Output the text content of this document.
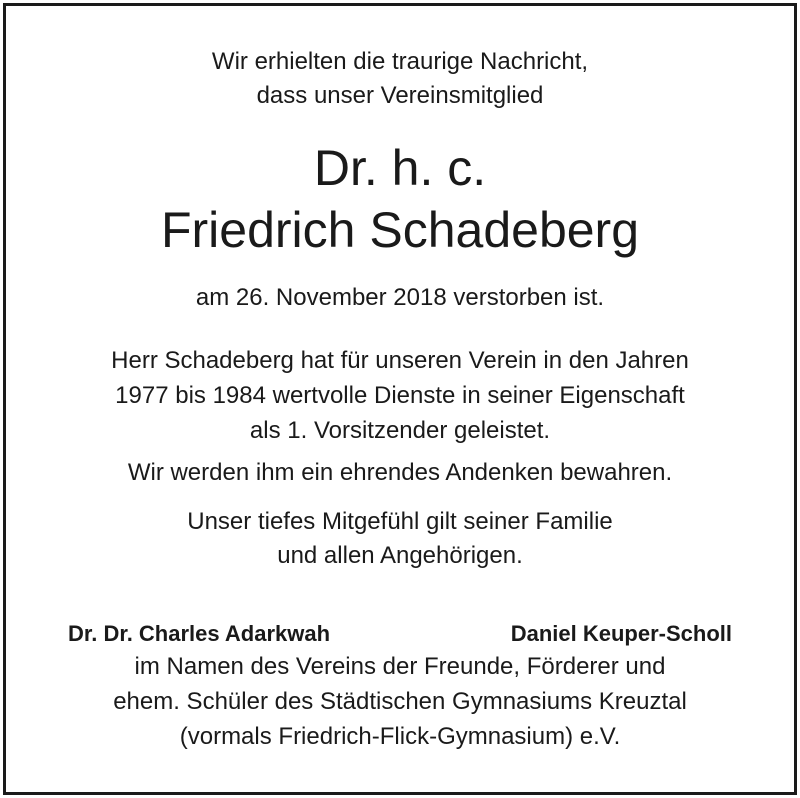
Wir erhielten die traurige Nachricht,

dass unser Vereinsmitglied

Dr. h. c.

Friedrich Schadeberg

am 26. November 2018 verstorben ist.

Herr Schadeberg hat für unseren Verein in den Jahren

1977 bis 1984 wertvolle Dienste in seiner Eigenschaft

als 1. Vorsitzender geleistet.

Wir werden ihm ein ehrendes Andenken bewahren.

Unser tiefes Mitgefühl gilt seiner Familie

und allen Angehörigen.

Dr. Dr. Charles Adarkwah	Daniel Keuper-Scholl

im Namen des Vereins der Freunde, Förderer und

ehem. Schüler des Städtischen Gymnasiums Kreuztal

(vormals Friedrich-Flick-Gymnasium) e.V.
